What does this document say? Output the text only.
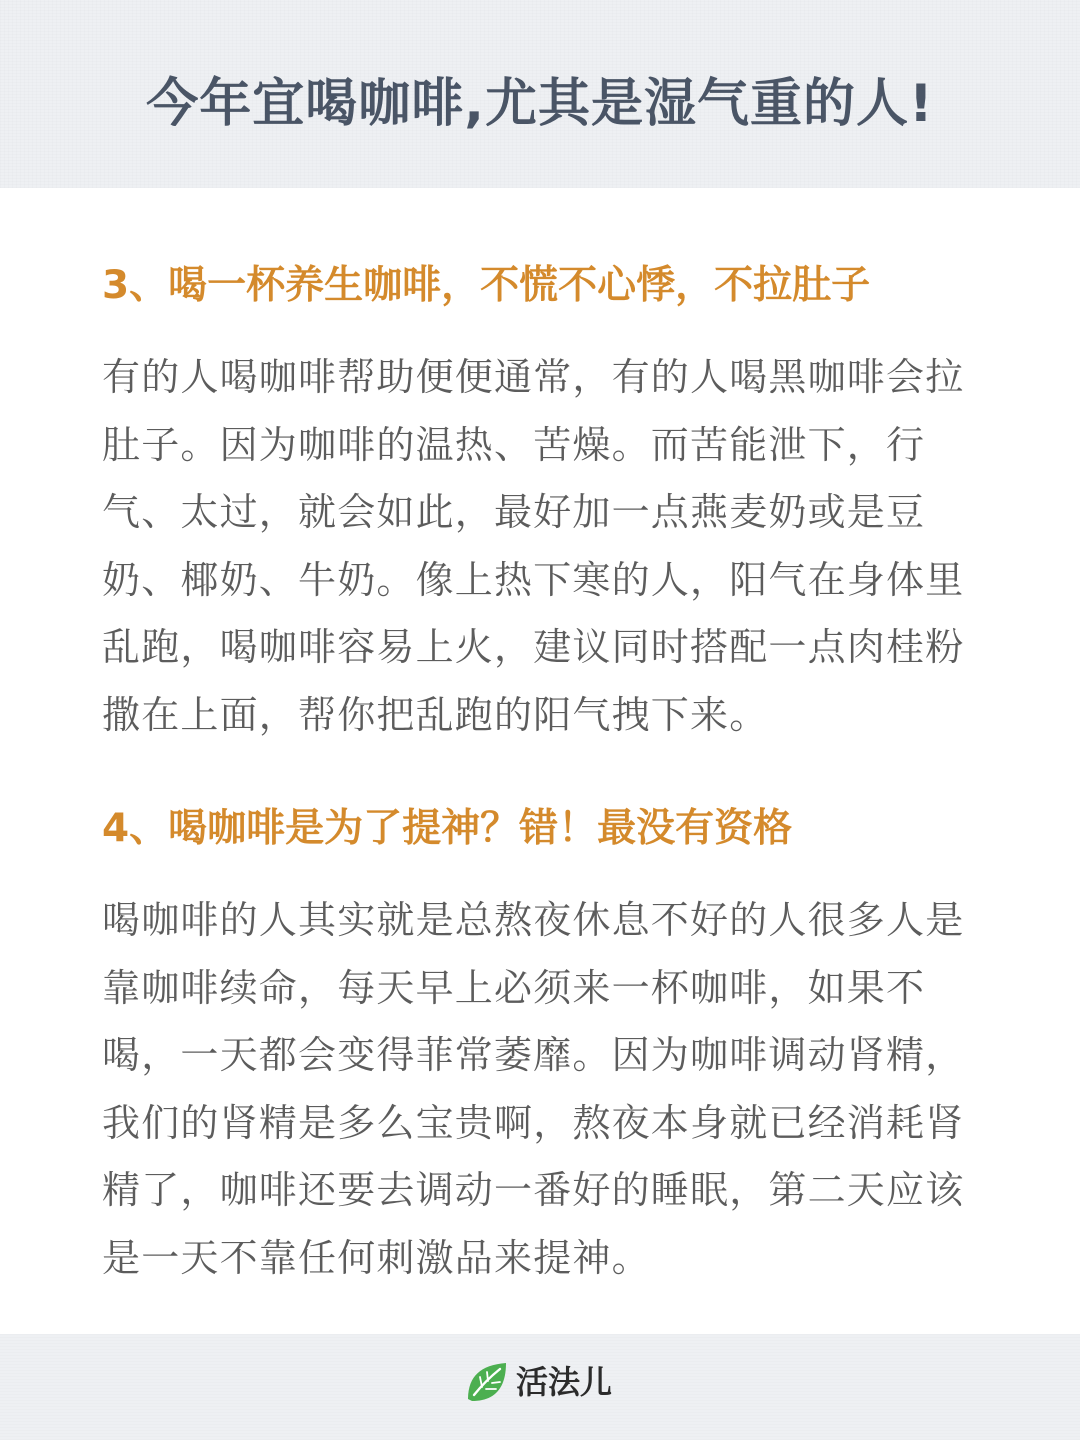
今年宜喝咖啡,尤其是湿气重的人!
3、喝一杯养生咖啡，不慌不心悸，不拉肚子

有的人喝咖啡帮助便便通常，有的人喝黑咖啡会拉肚子。因为咖啡的温热、苦燥。而苦能泄下，行气、太过，就会如此，最好加一点燕麦奶或是豆奶、椰奶、牛奶。像上热下寒的人，阳气在身体里乱跑，喝咖啡容易上火，建议同时搭配一点肉桂粉撒在上面，帮你把乱跑的阳气拽下来。

4、喝咖啡是为了提神？错！最没有资格

喝咖啡的人其实就是总熬夜休息不好的人很多人是靠咖啡续命，每天早上必须来一杯咖啡，如果不喝，一天都会变得菲常萎靡。因为咖啡调动肾精，我们的肾精是多么宝贵啊，熬夜本身就已经消耗肾精了，咖啡还要去调动一番好的睡眠，第二天应该是一天不靠任何刺激品来提神。

活法儿
